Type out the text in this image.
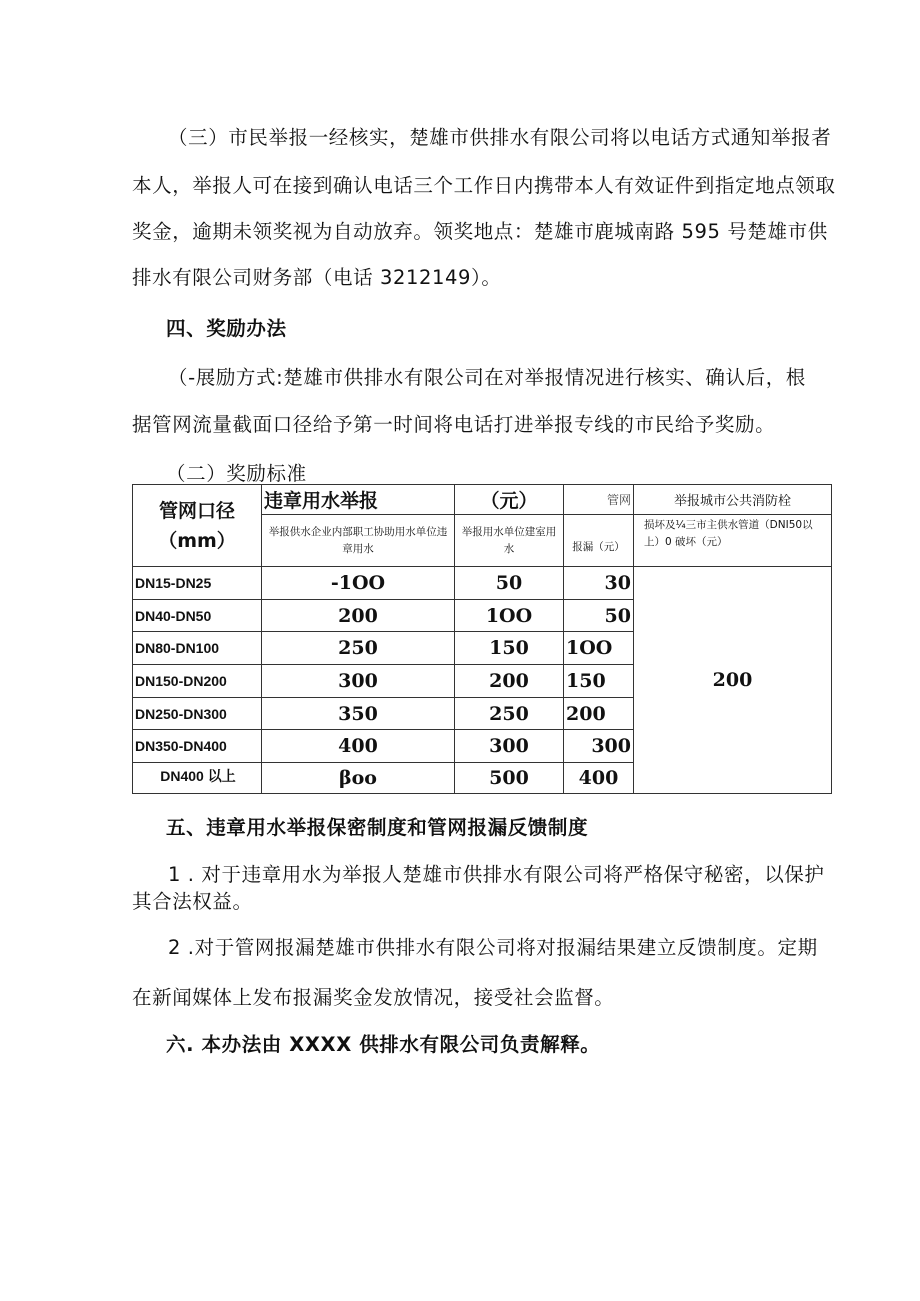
（三）市民举报一经核实，楚雄市供排水有限公司将以电话方式通知举报者
本人，举报人可在接到确认电话三个工作日内携带本人有效证件到指定地点领取
奖金，逾期未领奖视为自动放弃。领奖地点：楚雄市鹿城南路 595 号楚雄市供
排水有限公司财务部（电话 3212149）。
四、奖励办法
（-展励方式:楚雄市供排水有限公司在对举报情况进行核实、确认后，根
据管网流量截面口径给予第一时间将电话打进举报专线的市民给予奖励。
（二）奖励标准
管网口径（mm）	违章用水举报	（元）	管网	举报城市公共消防栓
	举报供水企业内部职工协助用水单位违章用水	举报用水单位建室用水	报漏（元）	损坏及¼三市主供水管道（DNI50以上）0 破坏（元）
DN15-DN25	-1OO	50	30	200
DN40-DN50	200	1OO	50	
DN80-DN100	250	150	1OO	
DN150-DN200	300	200	150	
DN250-DN300	350	250	200	
DN350-DN400	400	300	300	
DN400 以上	βoo	500	400	
五、违章用水举报保密制度和管网报漏反馈制度
1 . 对于违章用水为举报人楚雄市供排水有限公司将严格保守秘密，以保护
其合法权益。
2 .对于管网报漏楚雄市供排水有限公司将对报漏结果建立反馈制度。定期
在新闻媒体上发布报漏奖金发放情况，接受社会监督。
六. 本办法由 XXXX 供排水有限公司负责解释。
